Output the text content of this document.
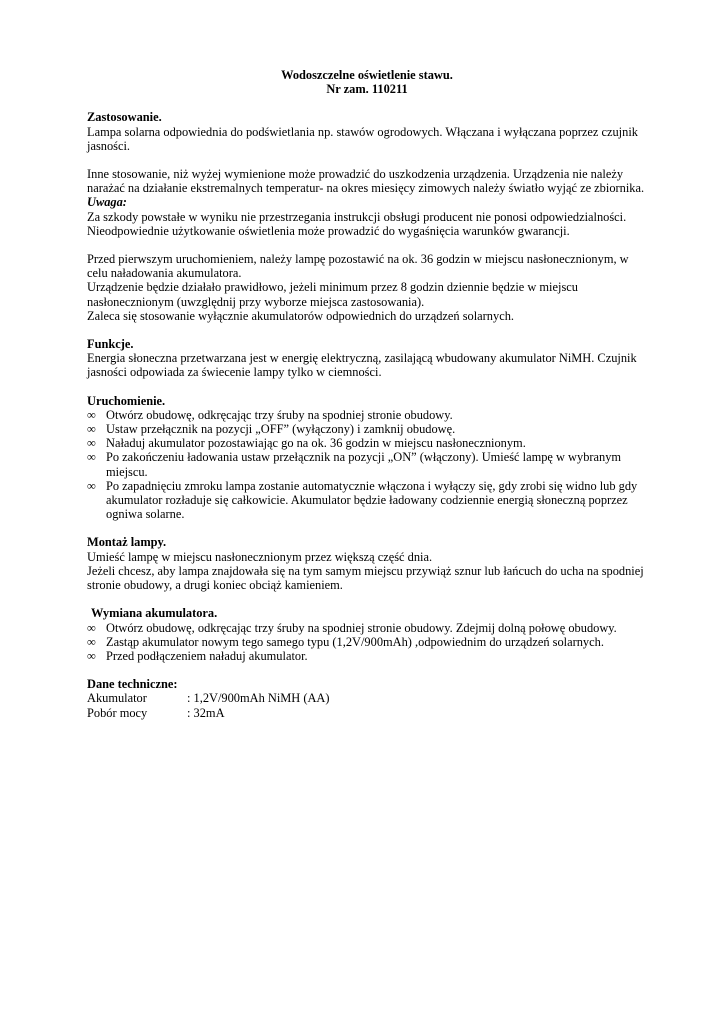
Wodoszczelne oświetlenie stawu.
Nr zam. 110211

Zastosowanie.

Lampa solarna odpowiednia do podświetlania np. stawów ogrodowych. Włączana i wyłączana poprzez czujnik jasności.

Inne stosowanie, niż wyżej wymienione może prowadzić do uszkodzenia urządzenia. Urządzenia nie należy narażać na działanie ekstremalnych temperatur- na okres miesięcy zimowych należy światło wyjąć ze zbiornika.

Uwaga:

Za szkody powstałe w wyniku nie przestrzegania instrukcji obsługi producent nie ponosi odpowiedzialności.

Nieodpowiednie użytkowanie oświetlenia może prowadzić do wygaśnięcia warunków gwarancji.

Przed pierwszym uruchomieniem, należy lampę pozostawić na ok. 36 godzin w miejscu nasłonecznionym, w celu naładowania akumulatora.

Urządzenie będzie działało prawidłowo, jeżeli minimum przez 8 godzin dziennie będzie w miejscu nasłonecznionym (uwzględnij przy wyborze miejsca zastosowania).

Zaleca się stosowanie wyłącznie akumulatorów odpowiednich do urządzeń solarnych.

Funkcje.

Energia słoneczna przetwarzana jest w energię elektryczną, zasilającą wbudowany akumulator NiMH. Czujnik jasności odpowiada za świecenie lampy tylko w ciemności.

Uruchomienie.

∞ Otwórz obudowę, odkręcając trzy śruby na spodniej stronie obudowy.
∞ Ustaw przełącznik na pozycji „OFF” (wyłączony) i zamknij obudowę.
∞ Naładuj akumulator pozostawiając go na ok. 36 godzin w miejscu nasłonecznionym.
∞ Po zakończeniu ładowania ustaw przełącznik na pozycji „ON” (włączony). Umieść lampę w wybranym miejscu.
∞ Po zapadnięciu zmroku lampa zostanie automatycznie włączona i wyłączy się, gdy zrobi się widno lub gdy akumulator rozładuje się całkowicie. Akumulator będzie ładowany codziennie energią słoneczną poprzez ogniwa solarne.

Montaż lampy.

Umieść lampę w miejscu nasłonecznionym przez większą część dnia.

Jeżeli chcesz, aby lampa znajdowała się na tym samym miejscu przywiąż sznur lub łańcuch do ucha na spodniej stronie obudowy, a drugi koniec obciąż kamieniem.

Wymiana akumulatora.

∞ Otwórz obudowę, odkręcając trzy śruby na spodniej stronie obudowy. Zdejmij dolną połowę obudowy.
∞ Zastąp akumulator nowym tego samego typu (1,2V/900mAh) ,odpowiednim do urządzeń solarnych.
∞ Przed podłączeniem naładuj akumulator.

Dane techniczne:

Akumulator	: 1,2V/900mAh NiMH (AA)
Pobór mocy	: 32mA
